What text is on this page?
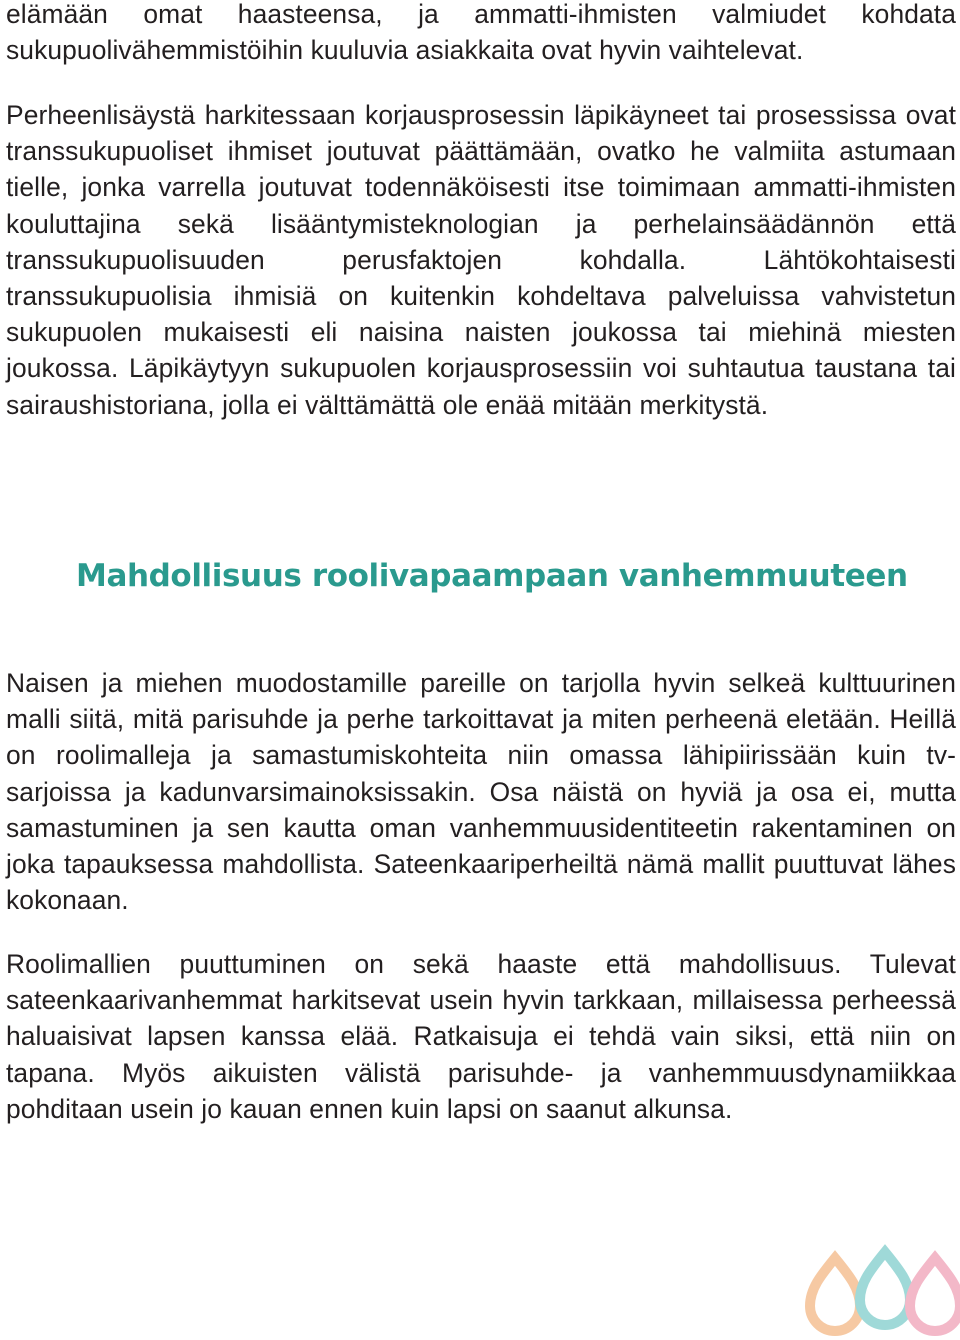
elämään omat haasteensa, ja ammatti-ihmisten valmiudet kohdata sukupuolivähemmistöihin kuuluvia asiakkaita ovat hyvin vaihtelevat.

Perheenlisäystä harkitessaan korjausprosessin läpikäyneet tai prosessissa ovat transsukupuoliset ihmiset joutuvat päättämään, ovatko he valmiita astumaan tielle, jonka varrella joutuvat todennäköisesti itse toimimaan ammatti-ihmisten kouluttajina sekä lisääntymisteknologian ja perhelainsäädännön että transsukupuolisuuden perusfaktojen kohdalla. Lähtökohtaisesti transsukupuolisia ihmisiä on kuitenkin kohdeltava palveluissa vahvistetun sukupuolen mukaisesti eli naisina naisten joukossa tai miehinä miesten joukossa. Läpikäytyyn sukupuolen korjausprosessiin voi suhtautua taustana tai sairaushistoriana, jolla ei välttämättä ole enää mitään merkitystä.

Mahdollisuus roolivapaampaan vanhemmuuteen

Naisen ja miehen muodostamille pareille on tarjolla hyvin selkeä kulttuurinen malli siitä, mitä parisuhde ja perhe tarkoittavat ja miten perheenä eletään. Heillä on roolimalleja ja samastumiskohteita niin omassa lähipiirissään kuin tv-sarjoissa ja kadunvarsimainoksissakin. Osa näistä on hyviä ja osa ei, mutta samastuminen ja sen kautta oman vanhemmuusidentiteetin rakentaminen on joka tapauksessa mahdollista. Sateenkaariperheiltä nämä mallit puuttuvat lähes kokonaan.

Roolimallien puuttuminen on sekä haaste että mahdollisuus. Tulevat sateenkaarivanhemmat harkitsevat usein hyvin tarkkaan, millaisessa perheessä haluaisivat lapsen kanssa elää. Ratkaisuja ei tehdä vain siksi, että niin on tapana. Myös aikuisten välistä parisuhde- ja vanhemmuusdynamiikkaa pohditaan usein jo kauan ennen kuin lapsi on saanut alkunsa.
